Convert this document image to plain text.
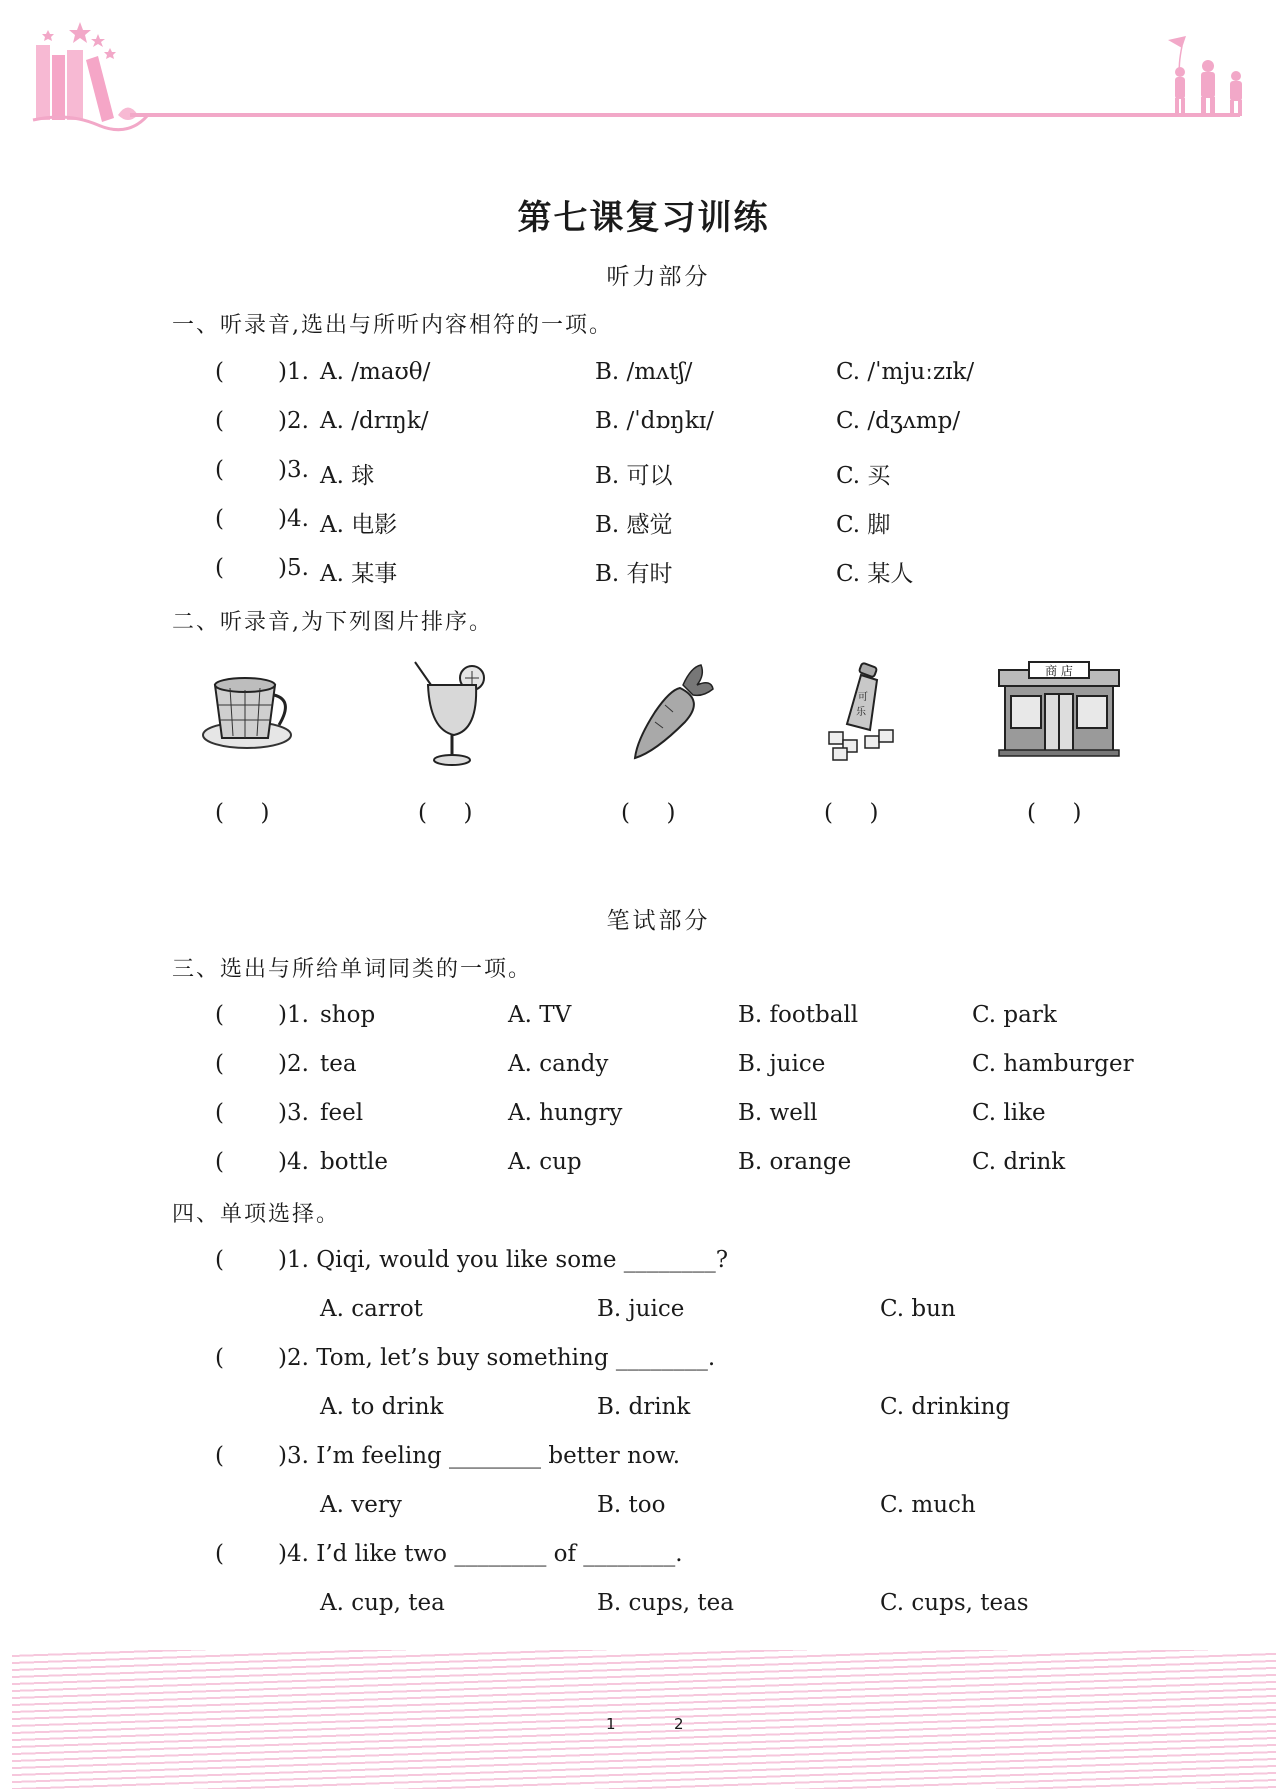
第七课复习训练
听力部分
一、听录音,选出与所听内容相符的一项。
( )1. A. /maʊθ/	B. /mʌtʃ/	C. /ˈmjuːzɪk/
( )2. A. /drɪŋk/	B. /ˈdɒŋkɪ/	C. /dʒʌmp/
( )3. A. 球	B. 可以	C. 买
( )4. A. 电影	B. 感觉	C. 脚
( )5. A. 某事	B. 有时	C. 某人
二、听录音,为下列图片排序。
可
乐
商 店
(     )	(     )	(     )	(     )	(     )
笔试部分
三、选出与所给单词同类的一项。
( )1. shop	A. TV	B. football	C. park
( )2. tea	A. candy	B. juice	C. hamburger
( )3. feel	A. hungry	B. well	C. like
( )4. bottle	A. cup	B. orange	C. drink
四、单项选择。
( )1. Qiqi, would you like some ________?
A. carrot	B. juice	C. bun
( )2. Tom, let’s buy something ________.
A. to drink	B. drink	C. drinking
( )3. I’m feeling ________ better now.
A. very	B. too	C. much
( )4. I’d like two ________ of ________.
A. cup, tea	B. cups, tea	C. cups, teas
1	2
